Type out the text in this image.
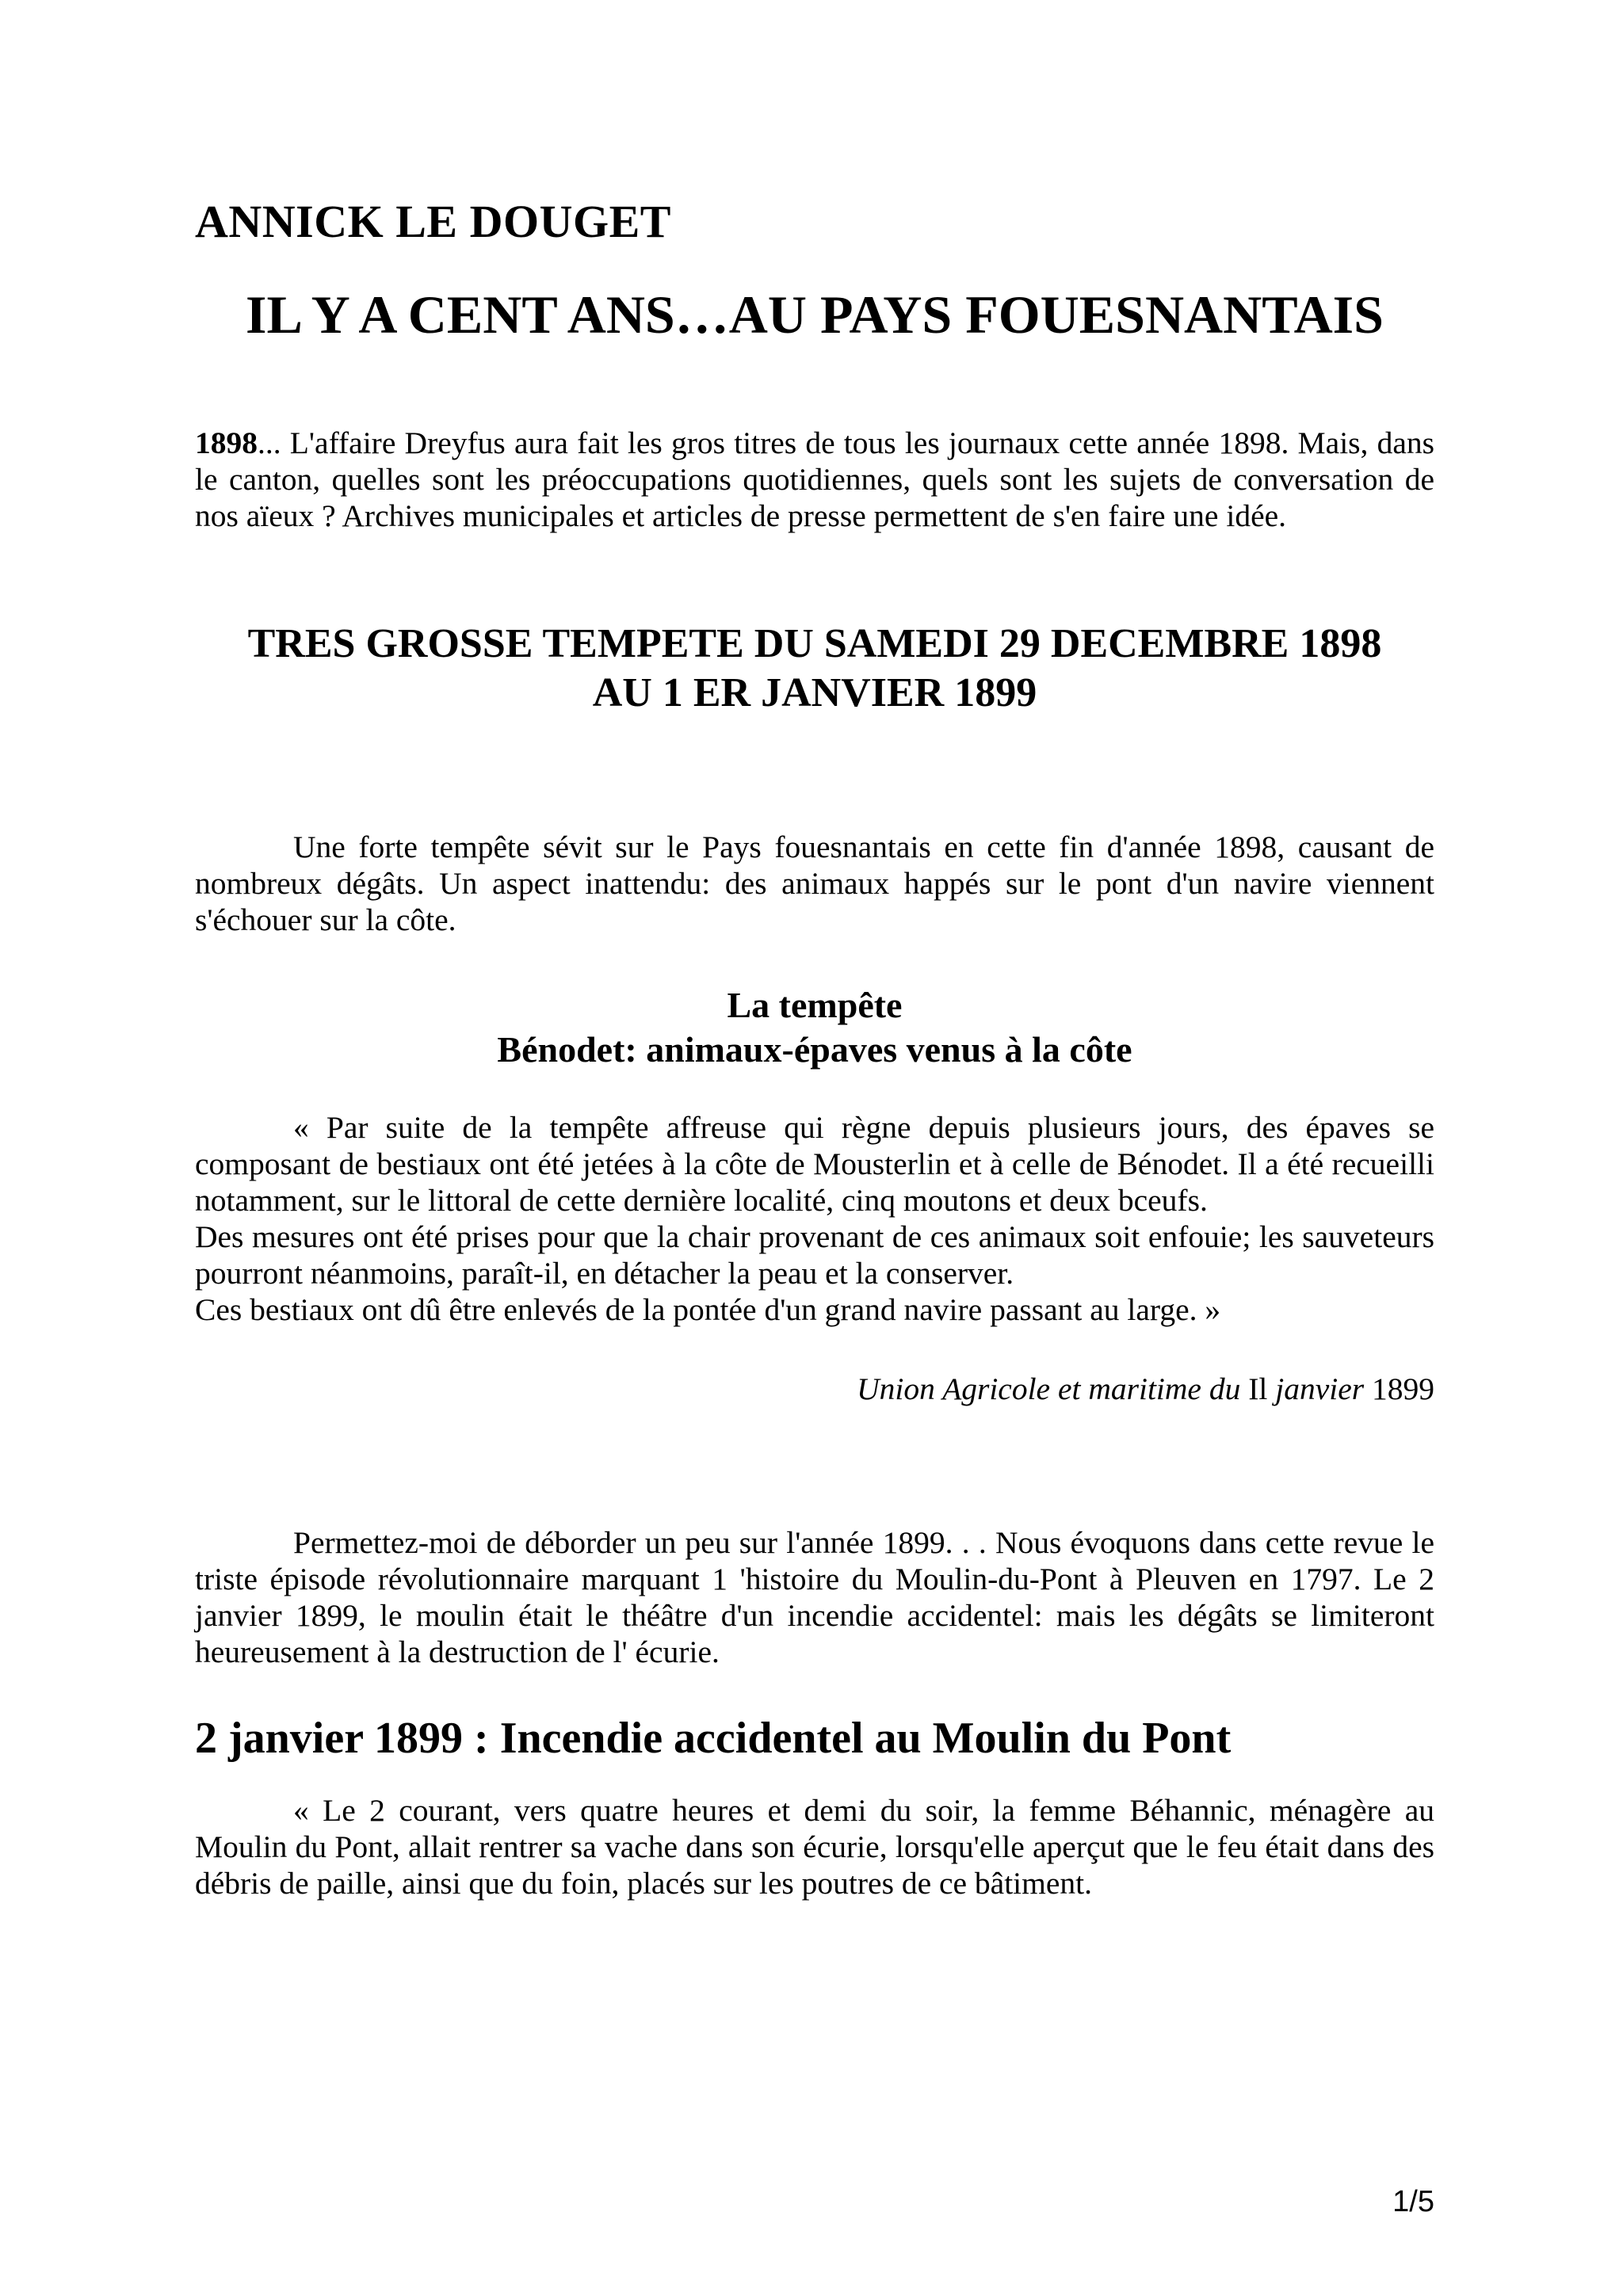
ANNICK LE DOUGET
IL Y A CENT ANS…AU PAYS FOUESNANTAIS

1898... L'affaire Dreyfus aura fait les gros titres de tous les journaux cette année 1898. Mais, dans le canton, quelles sont les préoccupations quotidiennes, quels sont les sujets de conversation de nos aïeux ? Archives municipales et articles de presse permettent de s'en faire une idée.

TRES GROSSE TEMPETE DU SAMEDI 29 DECEMBRE 1898
AU 1 ER JANVIER 1899

Une forte tempête sévit sur le Pays fouesnantais en cette fin d'année 1898, causant de nombreux dégâts. Un aspect inattendu: des animaux happés sur le pont d'un navire viennent s'échouer sur la côte.

La tempête
Bénodet: animaux-épaves venus à la côte

« Par suite de la tempête affreuse qui règne depuis plusieurs jours, des épaves se composant de bestiaux ont été jetées à la côte de Mousterlin et à celle de Bénodet. Il a été recueilli notamment, sur le littoral de cette dernière localité, cinq moutons et deux bceufs.

Des mesures ont été prises pour que la chair provenant de ces animaux soit enfouie; les sauveteurs pourront néanmoins, paraît-il, en détacher la peau et la conserver.

Ces bestiaux ont dû être enlevés de la pontée d'un grand navire passant au large. »

Union Agricole et maritime du Il janvier 1899

Permettez-moi de déborder un peu sur l'année 1899. . . Nous évoquons dans cette revue le triste épisode révolutionnaire marquant 1 'histoire du Moulin-du-Pont à Pleuven en 1797. Le 2 janvier 1899, le moulin était le théâtre d'un incendie accidentel: mais les dégâts se limiteront heureusement à la destruction de l' écurie.

2 janvier 1899 : Incendie accidentel au Moulin du Pont

« Le 2 courant, vers quatre heures et demi du soir, la femme Béhannic, ménagère au Moulin du Pont, allait rentrer sa vache dans son écurie, lorsqu'elle aperçut que le feu était dans des débris de paille, ainsi que du foin, placés sur les poutres de ce bâtiment.

1/5
